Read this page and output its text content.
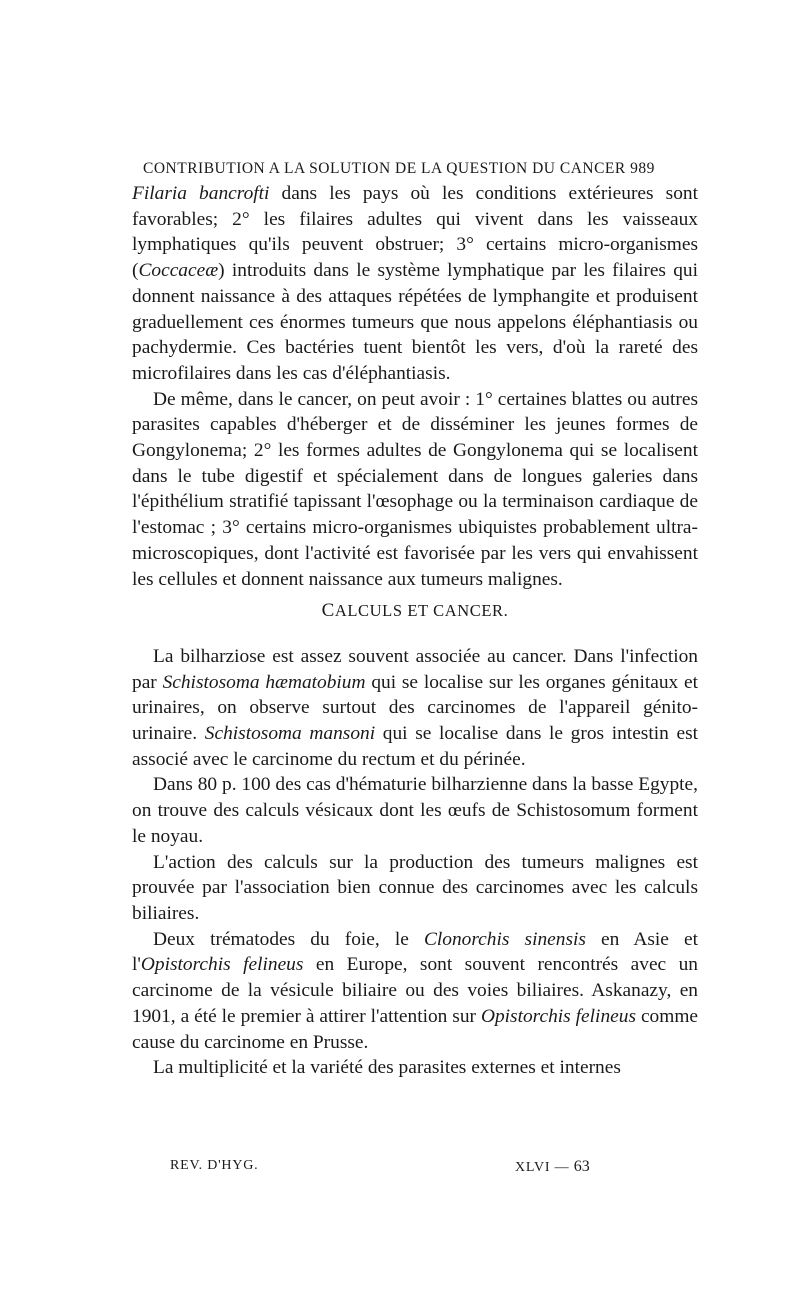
CONTRIBUTION A LA SOLUTION DE LA QUESTION DU CANCER 989

Filaria bancrofti dans les pays où les conditions extérieures sont favorables; 2° les filaires adultes qui vivent dans les vaisseaux lymphatiques qu'ils peuvent obstruer; 3° certains micro-organismes (Coccaceæ) introduits dans le système lymphatique par les filaires qui donnent naissance à des attaques répétées de lymphangite et produisent graduellement ces énormes tumeurs que nous appelons éléphantiasis ou pachydermie. Ces bactéries tuent bientôt les vers, d'où la rareté des microfilaires dans les cas d'éléphantiasis.

De même, dans le cancer, on peut avoir : 1° certaines blattes ou autres parasites capables d'héberger et de disséminer les jeunes formes de Gongylonema; 2° les formes adultes de Gongylonema qui se localisent dans le tube digestif et spécialement dans de longues galeries dans l'épithélium stratifié tapissant l'œsophage ou la terminaison cardiaque de l'estomac ; 3° certains micro-organismes ubiquistes probablement ultra-microscopiques, dont l'activité est favorisée par les vers qui envahissent les cellules et donnent naissance aux tumeurs malignes.

CALCULS ET CANCER.

La bilharziose est assez souvent associée au cancer. Dans l'infection par Schistosoma hæmatobium qui se localise sur les organes génitaux et urinaires, on observe surtout des carcinomes de l'appareil génito-urinaire. Schistosoma mansoni qui se localise dans le gros intestin est associé avec le carcinome du rectum et du périnée.

Dans 80 p. 100 des cas d'hématurie bilharzienne dans la basse Egypte, on trouve des calculs vésicaux dont les œufs de Schistosomum forment le noyau.

L'action des calculs sur la production des tumeurs malignes est prouvée par l'association bien connue des carcinomes avec les calculs biliaires.

Deux trématodes du foie, le Clonorchis sinensis en Asie et l'Opistorchis felineus en Europe, sont souvent rencontrés avec un carcinome de la vésicule biliaire ou des voies biliaires. Askanazy, en 1901, a été le premier à attirer l'attention sur Opistorchis felineus comme cause du carcinome en Prusse.

La multiplicité et la variété des parasites externes et internes

REV. D'HYG.	XLVI — 63
